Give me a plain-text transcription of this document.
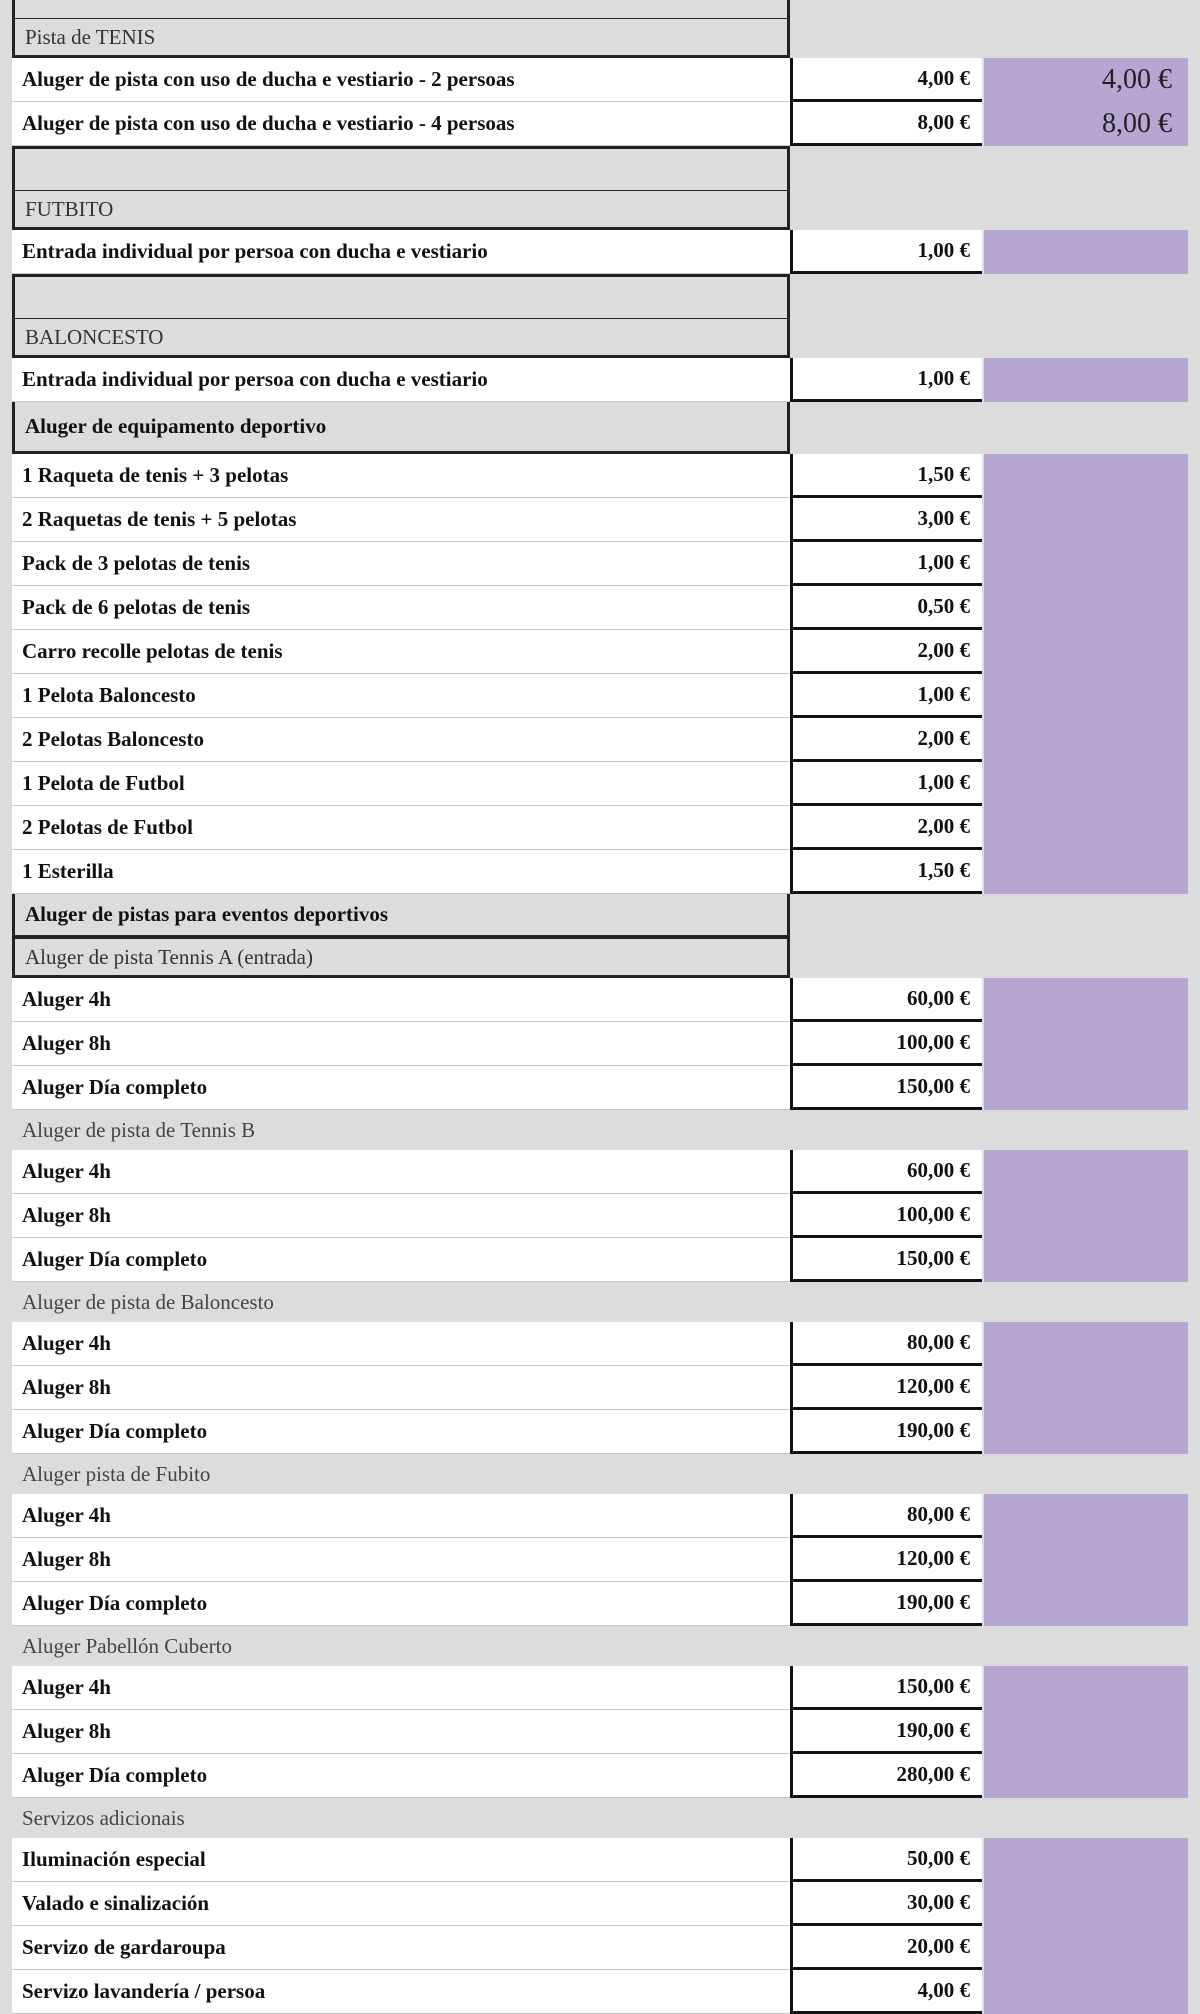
Pista de TENIS
Aluger de pista con uso de ducha e vestiario - 2 persoas	4,00 €	4,00 €
Aluger de pista con uso de ducha e vestiario - 4 persoas	8,00 €	8,00 €
FUTBITO
Entrada individual por persoa con ducha e vestiario	1,00 €
BALONCESTO
Entrada individual por persoa con ducha e vestiario	1,00 €
Aluger de equipamento deportivo
1 Raqueta de tenis + 3 pelotas	1,50 €
2 Raquetas de tenis + 5 pelotas	3,00 €
Pack de 3 pelotas de tenis	1,00 €
Pack de 6 pelotas de tenis	0,50 €
Carro recolle pelotas de tenis	2,00 €
1 Pelota Baloncesto	1,00 €
2 Pelotas Baloncesto	2,00 €
1 Pelota de Futbol	1,00 €
2 Pelotas de Futbol	2,00 €
1 Esterilla	1,50 €
Aluger de pistas para eventos deportivos
Aluger de pista Tennis A (entrada)
Aluger 4h	60,00 €
Aluger 8h	100,00 €
Aluger Día completo	150,00 €
Aluger de pista de Tennis B
Aluger 4h	60,00 €
Aluger 8h	100,00 €
Aluger Día completo	150,00 €
Aluger de pista de Baloncesto
Aluger 4h	80,00 €
Aluger 8h	120,00 €
Aluger Día completo	190,00 €
Aluger pista de Fubito
Aluger 4h	80,00 €
Aluger 8h	120,00 €
Aluger Día completo	190,00 €
Aluger Pabellón Cuberto
Aluger 4h	150,00 €
Aluger 8h	190,00 €
Aluger Día completo	280,00 €
Servizos adicionais
Iluminación especial	50,00 €
Valado e sinalización	30,00 €
Servizo de gardaroupa	20,00 €
Servizo lavandería / persoa	4,00 €
